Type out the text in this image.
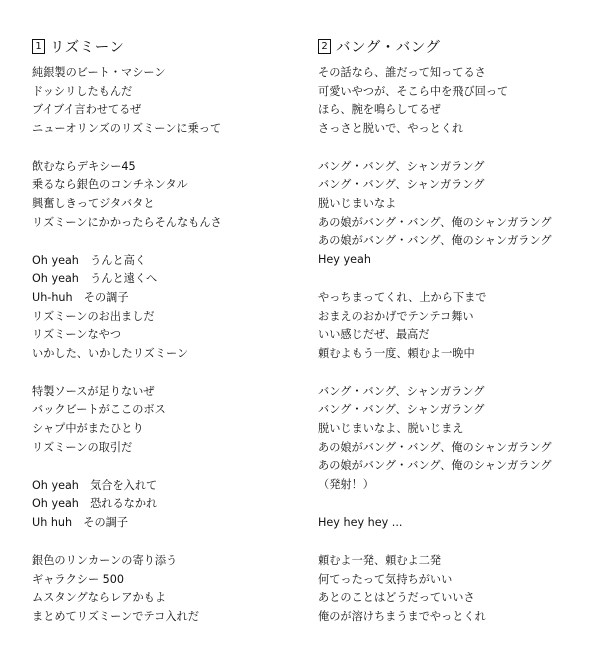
1 リズミーン
純銀製のビート・マシーン
ドッシリしたもんだ
ブイブイ言わせてるぜ
ニューオリンズのリズミーンに乗って
飲むならデキシー45
乗るなら銀色のコンチネンタル
興奮しきってジタバタと
リズミーンにかかったらそんなもんさ
Oh yeah　うんと高く
Oh yeah　うんと遠くへ
Uh-huh　その調子
リズミーンのお出ましだ
リズミーンなやつ
いかした、いかしたリズミーン
特製ソースが足りないぜ
バックビートがここのボス
シャプ中がまたひとり
リズミーンの取引だ
Oh yeah　気合を入れて
Oh yeah　恐れるなかれ
Uh huh　その調子
銀色のリンカーンの寄り添う
ギャラクシー 500
ムスタングならレアかもよ
まとめてリズミーンでテコ入れだ
2 バング・バング
その話なら、誰だって知ってるさ
可愛いやつが、そこら中を飛び回って
ほら、腕を鳴らしてるぜ
さっさと脱いで、やっとくれ
バング・バング、シャンガラング
バング・バング、シャンガラング
脱いじまいなよ
あの娘がバング・バング、俺のシャンガラング
あの娘がバング・バング、俺のシャンガラング
Hey yeah
やっちまってくれ、上から下まで
おまえのおかげでテンテコ舞い
いい感じだぜ、最高だ
頼むよもう一度、頼むよ一晩中
バング・バング、シャンガラング
バング・バング、シャンガラング
脱いじまいなよ、脱いじまえ
あの娘がバング・バング、俺のシャンガラング
あの娘がバング・バング、俺のシャンガラング
（発射！）
Hey hey hey ...
頼むよ一発、頼むよ二発
何てったって気持ちがいい
あとのことはどうだっていいさ
俺のが溶けちまうまでやっとくれ
